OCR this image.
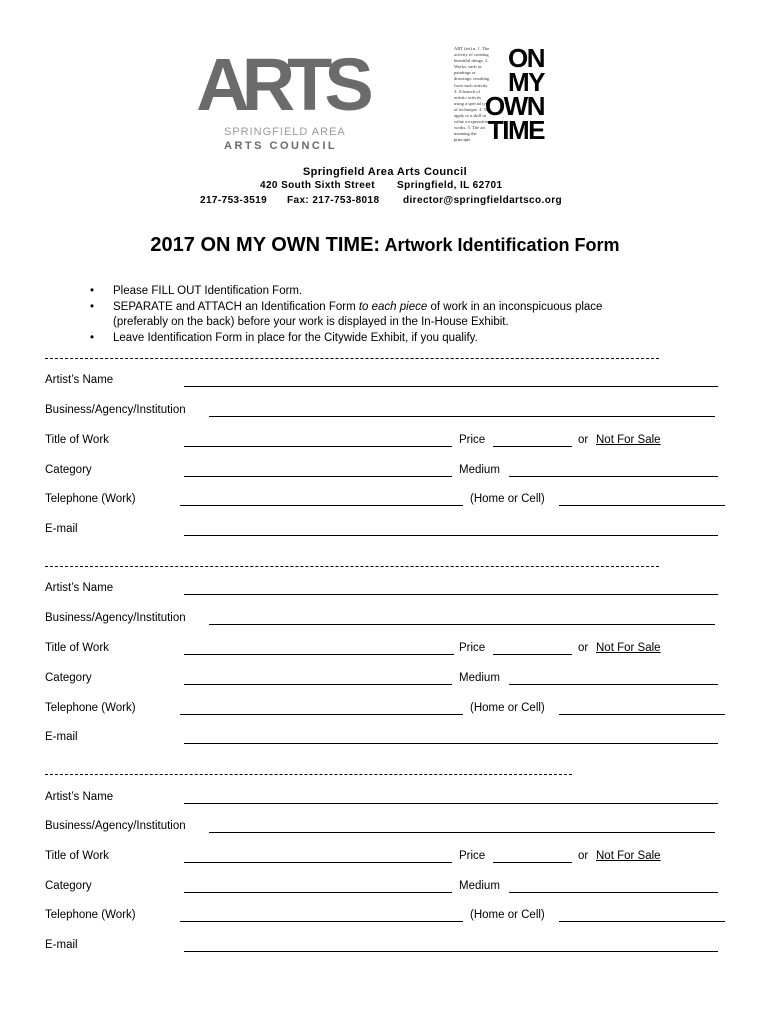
ARTS
SPRINGFIELD AREA
ARTS COUNCIL
ART (ärt) n. 1. The activity of creating beautiful things. 2. Works, such as paintings or drawings, resulting from such activity. 3. A branch of artistic activity using a special type of technique. 4. To apply to a skill in value a expression works. 5. The art meaning the principle.
ON
MY
OWN
TIME
Springfield Area Arts Council
420 South Sixth Street Springfield, IL 62701
217-753-3519 Fax: 217-753-8018 director@springfieldartsco.org
2017 ON MY OWN TIME: Artwork Identification Form
• Please FILL OUT Identification Form.
• SEPARATE and ATTACH an Identification Form to each piece of work in an inconspicuous place (preferably on the back) before your work is displayed in the In-House Exhibit.
• Leave Identification Form in place for the Citywide Exhibit, if you qualify.
Artist’s Name
Business/Agency/Institution
Title of Work	Price	or Not For Sale
Category	Medium
Telephone (Work)	(Home or Cell)
E-mail
Artist’s Name
Business/Agency/Institution
Title of Work	Price	or Not For Sale
Category	Medium
Telephone (Work)	(Home or Cell)
E-mail
Artist’s Name
Business/Agency/Institution
Title of Work	Price	or Not For Sale
Category	Medium
Telephone (Work)	(Home or Cell)
E-mail
